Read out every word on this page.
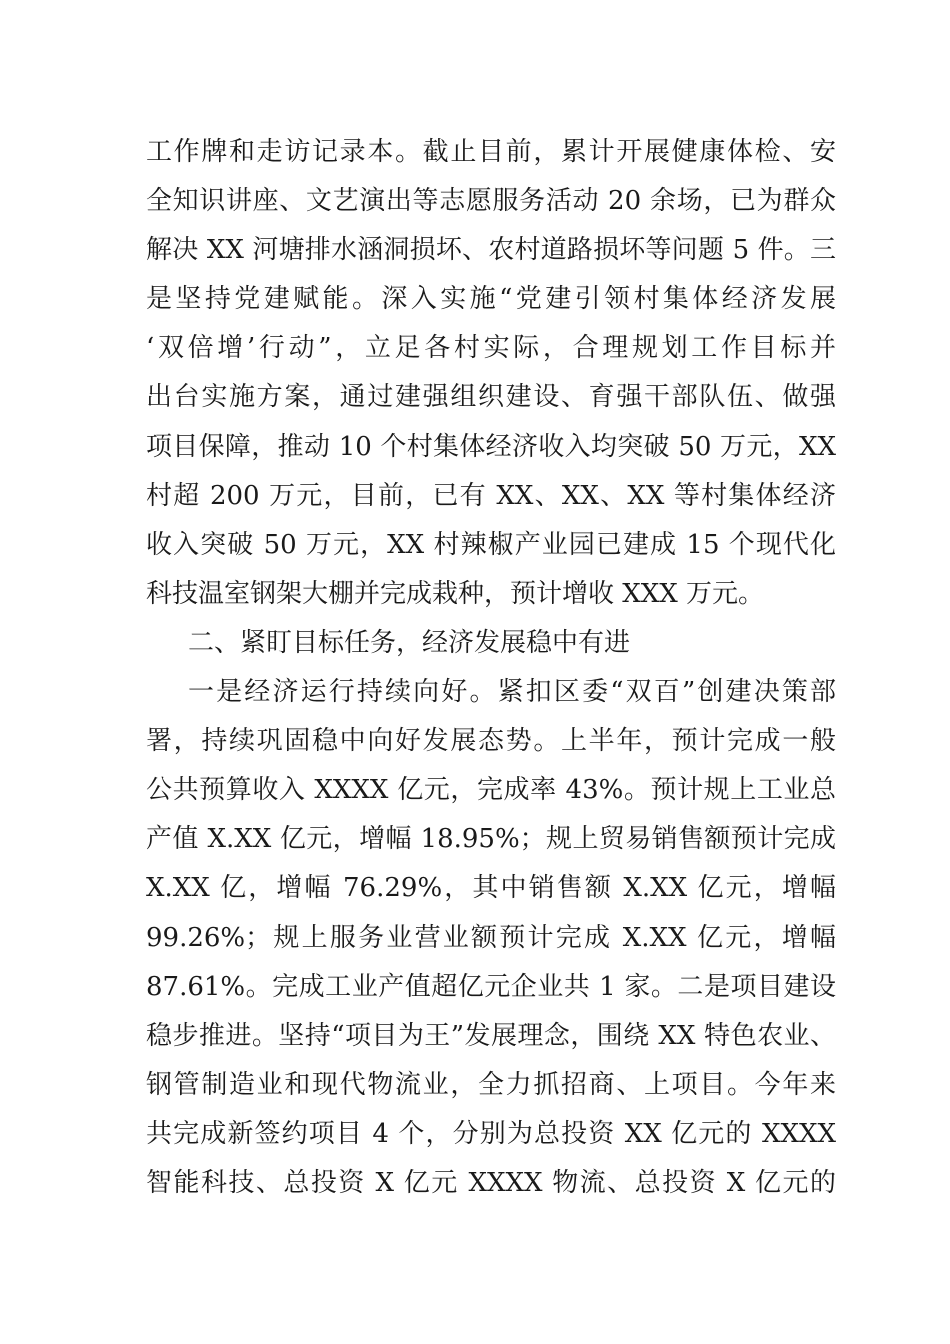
工作牌和走访记录本。截止目前，累计开展健康体检、安
全知识讲座、文艺演出等志愿服务活动 20 余场，已为群众
解决 XX 河塘排水涵洞损坏、农村道路损坏等问题 5 件。三
是坚持党建赋能。深入实施“党建引领村集体经济发展
‘双倍增’行动”，立足各村实际，合理规划工作目标并
出台实施方案，通过建强组织建设、育强干部队伍、做强
项目保障，推动 10 个村集体经济收入均突破 50 万元，XX
村超 200 万元，目前，已有 XX、XX、XX 等村集体经济
收入突破 50 万元，XX 村辣椒产业园已建成 15 个现代化
科技温室钢架大棚并完成栽种，预计增收 XXX 万元。
二、紧盯目标任务，经济发展稳中有进
一是经济运行持续向好。紧扣区委“双百”创建决策部
署，持续巩固稳中向好发展态势。上半年，预计完成一般
公共预算收入 XXXX 亿元，完成率 43%。预计规上工业总
产值 X.XX 亿元，增幅 18.95%；规上贸易销售额预计完成
X.XX 亿，增幅 76.29%，其中销售额 X.XX 亿元，增幅
99.26%；规上服务业营业额预计完成 X.XX 亿元，增幅
87.61%。完成工业产值超亿元企业共 1 家。二是项目建设
稳步推进。坚持“项目为王”发展理念，围绕 XX 特色农业、
钢管制造业和现代物流业，全力抓招商、上项目。今年来
共完成新签约项目 4 个，分别为总投资 XX 亿元的 XXXX
智能科技、总投资 X 亿元 XXXX 物流、总投资 X 亿元的
